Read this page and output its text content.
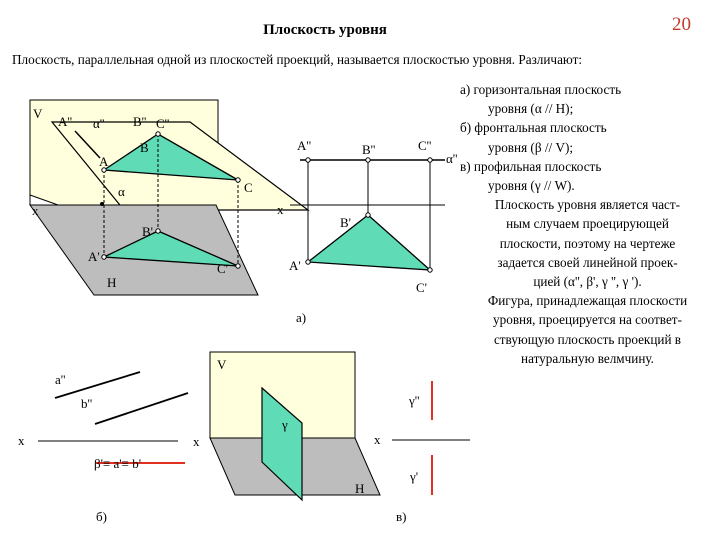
Плоскость уровня	20
Плоскость, параллельная одной из плоскостей проекций, называется плоскостью уровня. Различают:
а) горизонтальная плоскость
уровня (α // H);
б) фронтальная плоскость
уровня (β // V);
в) профильная плоскость
уровня (γ // W).
Плоскость уровня является част-
ным случаем проецирующей
плоскости, поэтому на чертеже
задается своей линейной проек-
цией (α'', β', γ '', γ ').
Фигура, принадлежащая плоскости
уровня, проецируется на соответ-
ствующую плоскость проекций в
натуральную велмчину.
V
A'' α'' B'' C''
B
A
α	C
x
B'
A'
C'
H
A''	B''	C''
α''
x
B'
A'
C'
а)
a''
b''
x
β'≡ a'≡ b'
б)
V
γ
x
H
γ''
x
γ'
в)
